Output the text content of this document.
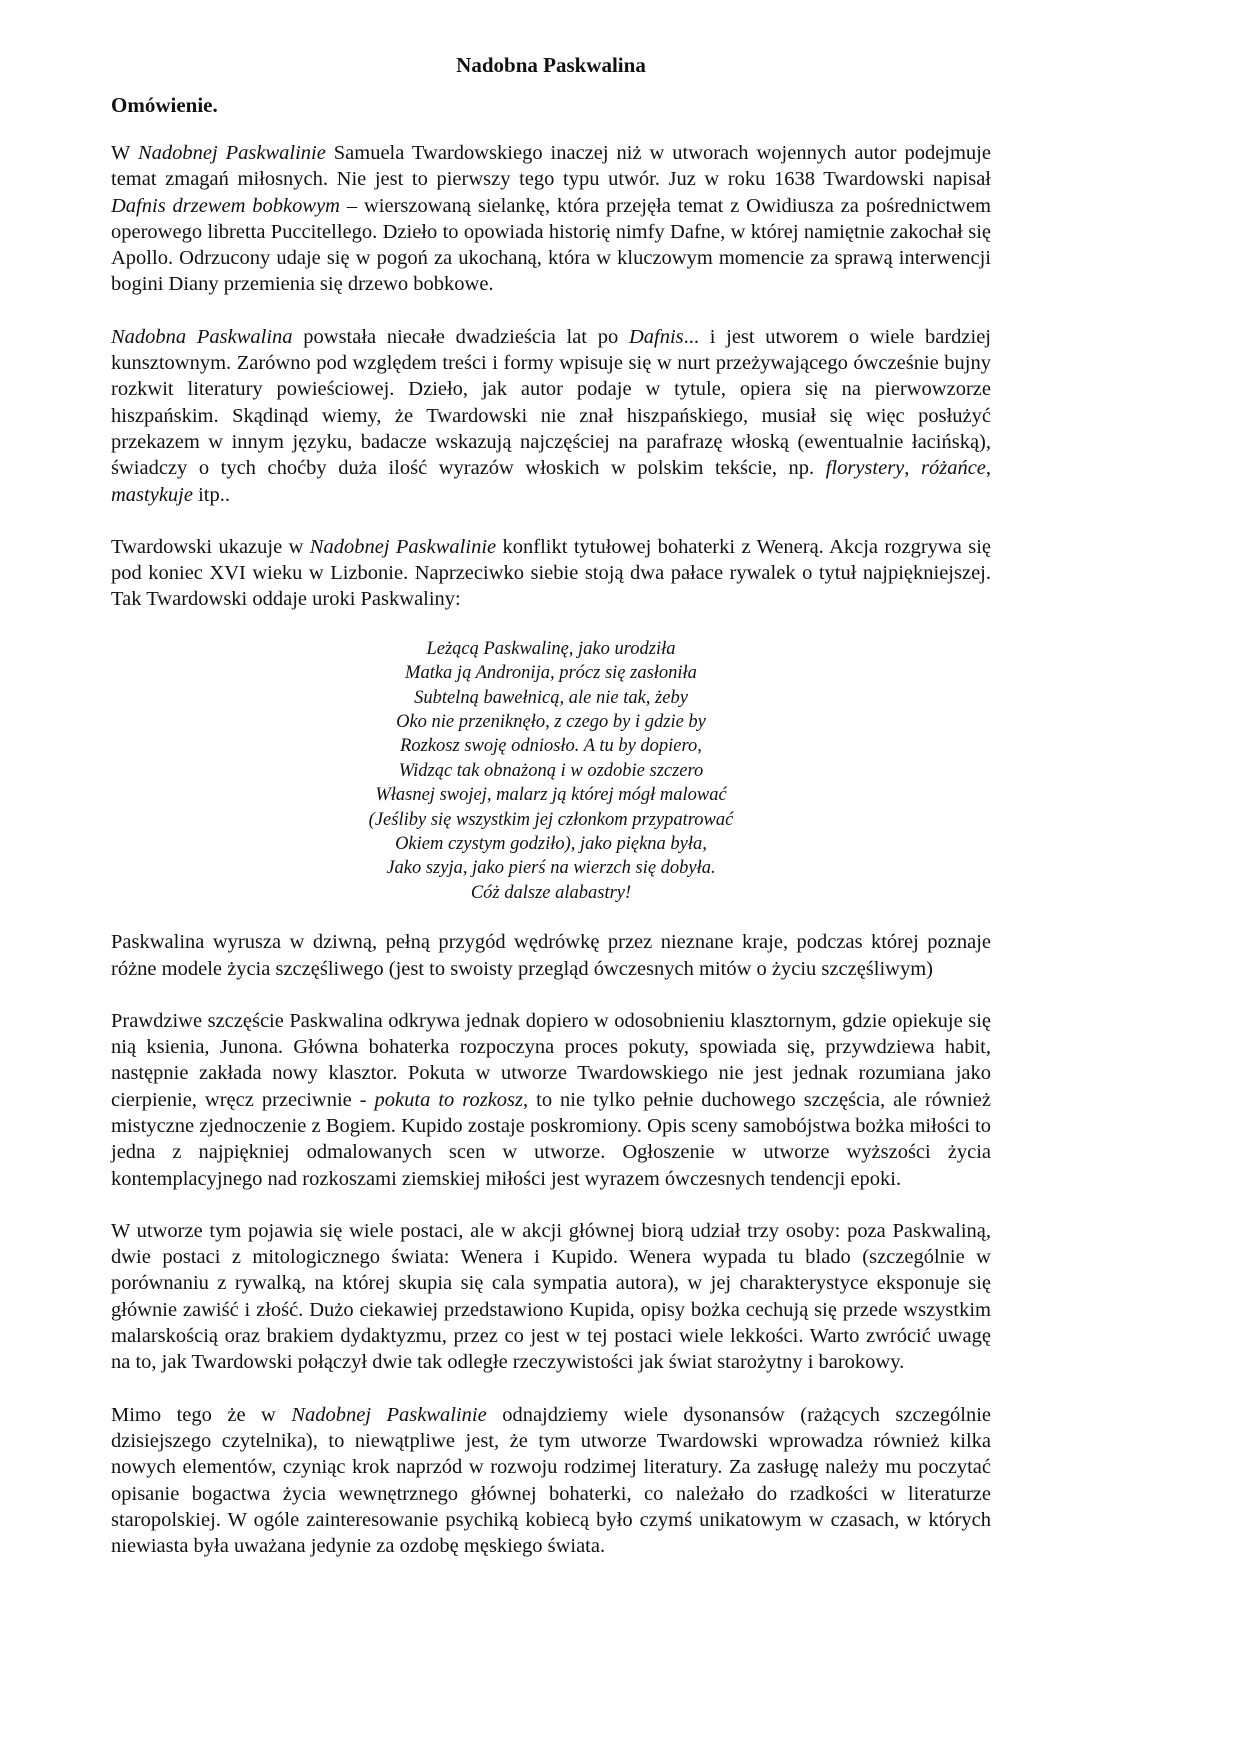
Nadobna Paskwalina
Omówienie.
W Nadobnej Paskwalinie Samuela Twardowskiego inaczej niż w utworach wojennych autor podejmuje temat zmagań miłosnych. Nie jest to pierwszy tego typu utwór. Juz w roku 1638 Twardowski napisał Dafnis drzewem bobkowym – wierszowaną sielankę, która przejęła temat z Owidiusza za pośrednictwem operowego libretta Puccitellego. Dzieło to opowiada historię nimfy Dafne, w której namiętnie zakochał się Apollo. Odrzucony udaje się w pogoń za ukochaną, która w kluczowym momencie za sprawą interwencji bogini Diany przemienia się drzewo bobkowe.
Nadobna Paskwalina powstała niecałe dwadzieścia lat po Dafnis... i jest utworem o wiele bardziej kunsztownym. Zarówno pod względem treści i formy wpisuje się w nurt przeżywającego ówcześnie bujny rozkwit literatury powieściowej. Dzieło, jak autor podaje w tytule, opiera się na pierwowzorze hiszpańskim. Skądinąd wiemy, że Twardowski nie znał hiszpańskiego, musiał się więc posłużyć przekazem w innym języku, badacze wskazują najczęściej na parafrazę włoską (ewentualnie łacińską), świadczy o tych choćby duża ilość wyrazów włoskich w polskim tekście, np. florystery, różańce, mastykuje itp..
Twardowski ukazuje w Nadobnej Paskwalinie konflikt tytułowej bohaterki z Wenerą. Akcja rozgrywa się pod koniec XVI wieku w Lizbonie. Naprzeciwko siebie stoją dwa pałace rywalek o tytuł najpiękniejszej. Tak Twardowski oddaje uroki Paskwaliny:
Leżącą Paskwalinę, jako urodziła
Matka ją Andronija, prócz się zasłoniła
Subtelną bawełnicą, ale nie tak, żeby
Oko nie przeniknęło, z czego by i gdzie by
Rozkosz swoję odniosło. A tu by dopiero,
Widząc tak obnażoną i w ozdobie szczero
Własnej swojej, malarz ją której mógł malować
(Jeśliby się wszystkim jej członkom przypatrować
Okiem czystym godziło), jako piękna była,
Jako szyja, jako pierś na wierzch się dobyła.
Cóż dalsze alabastry!
Paskwalina wyrusza w dziwną, pełną przygód wędrówkę przez nieznane kraje, podczas której poznaje różne modele życia szczęśliwego (jest to swoisty przegląd ówczesnych mitów o życiu szczęśliwym)
Prawdziwe szczęście Paskwalina odkrywa jednak dopiero w odosobnieniu klasztornym, gdzie opiekuje się nią ksienia, Junona. Główna bohaterka rozpoczyna proces pokuty, spowiada się, przywdziewa habit, następnie zakłada nowy klasztor. Pokuta w utworze Twardowskiego nie jest jednak rozumiana jako cierpienie, wręcz przeciwnie - pokuta to rozkosz, to nie tylko pełnie duchowego szczęścia, ale również mistyczne zjednoczenie z Bogiem. Kupido zostaje poskromiony. Opis sceny samobójstwa bożka miłości to jedna z najpiękniej odmalowanych scen w utworze. Ogłoszenie w utworze wyższości życia kontemplacyjnego nad rozkoszami ziemskiej miłości jest wyrazem ówczesnych tendencji epoki.
W utworze tym pojawia się wiele postaci, ale w akcji głównej biorą udział trzy osoby: poza Paskwaliną, dwie postaci z mitologicznego świata: Wenera i Kupido. Wenera wypada tu blado (szczególnie w porównaniu z rywalką, na której skupia się cala sympatia autora), w jej charakterystyce eksponuje się głównie zawiść i złość. Dużo ciekawiej przedstawiono Kupida, opisy bożka cechują się przede wszystkim malarskością oraz brakiem dydaktyzmu, przez co jest w tej postaci wiele lekkości. Warto zwrócić uwagę na to, jak Twardowski połączył dwie tak odległe rzeczywistości jak świat starożytny i barokowy.
Mimo tego że w Nadobnej Paskwalinie odnajdziemy wiele dysonansów (rażących szczególnie dzisiejszego czytelnika), to niewątpliwe jest, że tym utworze Twardowski wprowadza również kilka nowych elementów, czyniąc krok naprzód w rozwoju rodzimej literatury. Za zasługę należy mu poczytać opisanie bogactwa życia wewnętrznego głównej bohaterki, co należało do rzadkości w literaturze staropolskiej. W ogóle zainteresowanie psychiką kobiecą było czymś unikatowym w czasach, w których niewiasta była uważana jedynie za ozdobę męskiego świata.
